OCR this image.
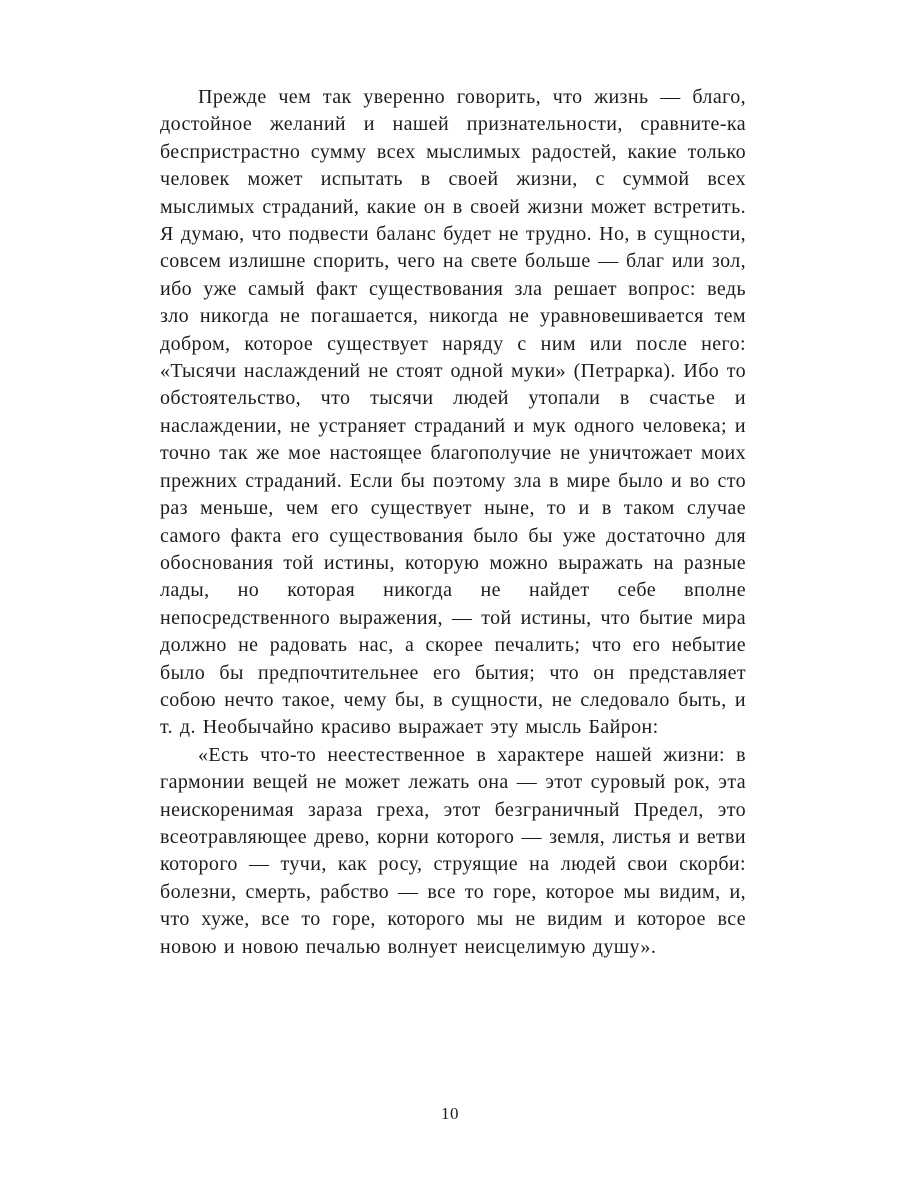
Прежде чем так уверенно говорить, что жизнь — благо, достойное желаний и нашей признательности, сравните-ка беспристрастно сумму всех мыслимых радостей, какие только человек может испытать в своей жизни, с суммой всех мыслимых страданий, какие он в своей жизни может встретить. Я думаю, что подвести баланс будет не трудно. Но, в сущности, совсем излишне спорить, чего на свете больше — благ или зол, ибо уже самый факт существования зла решает вопрос: ведь зло никогда не погашается, никогда не уравновешивается тем добром, которое существует наряду с ним или после него: «Тысячи наслаждений не стоят одной муки» (Петрарка). Ибо то обстоятельство, что тысячи людей утопали в счастье и наслаждении, не устраняет страданий и мук одного человека; и точно так же мое настоящее благополучие не уничтожает моих прежних страданий. Если бы поэтому зла в мире было и во сто раз меньше, чем его существует ныне, то и в таком случае самого факта его существования было бы уже достаточно для обоснования той истины, которую можно выражать на разные лады, но которая никогда не найдет себе вполне непосредственного выражения, — той истины, что бытие мира должно не радовать нас, а скорее печалить; что его небытие было бы предпочтительнее его бытия; что он представляет собою нечто такое, чему бы, в сущности, не следовало быть, и т. д. Необычайно красиво выражает эту мысль Байрон:

«Есть что-то неестественное в характере нашей жизни: в гармонии вещей не может лежать она — этот суровый рок, эта неискоренимая зараза греха, этот безграничный Предел, это всеотравляющее древо, корни которого — земля, листья и ветви которого — тучи, как росу, струящие на людей свои скорби: болезни, смерть, рабство — все то горе, которое мы видим, и, что хуже, все то горе, которого мы не видим и которое все новою и новою печалью волнует неисцелимую душу».

10
